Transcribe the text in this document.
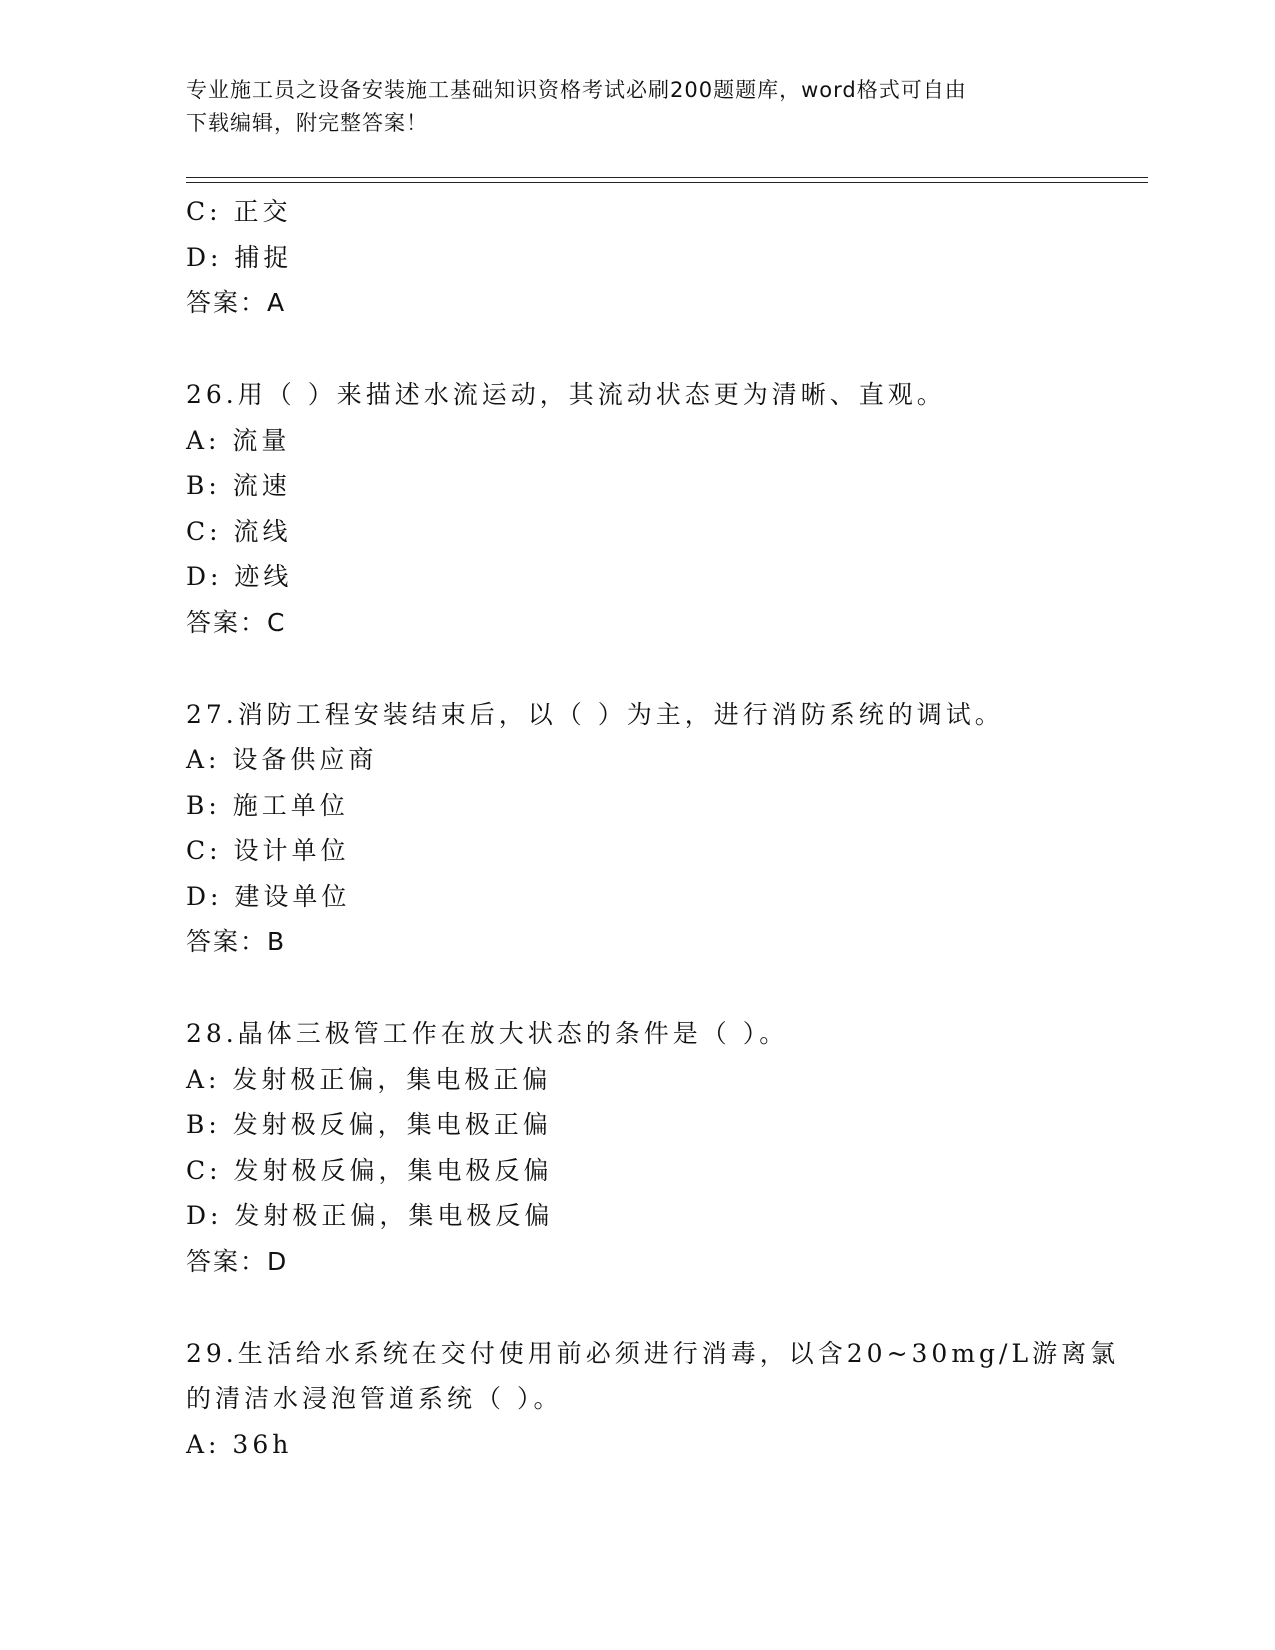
专业施工员之设备安装施工基础知识资格考试必刷200题题库，word格式可自由
下载编辑，附完整答案！
C: 正交
D: 捕捉
答案：A
26.用（ ）来描述水流运动，其流动状态更为清晰、直观。
A: 流量
B: 流速
C: 流线
D: 迹线
答案：C
27.消防工程安装结束后，以（ ）为主，进行消防系统的调试。
A: 设备供应商
B: 施工单位
C: 设计单位
D: 建设单位
答案：B
28.晶体三极管工作在放大状态的条件是（ ）。
A: 发射极正偏，集电极正偏
B: 发射极反偏，集电极正偏
C: 发射极反偏，集电极反偏
D: 发射极正偏，集电极反偏
答案：D
29.生活给水系统在交付使用前必须进行消毒，以含20~30mg/L游离氯
的清洁水浸泡管道系统（ ）。
A: 36h
